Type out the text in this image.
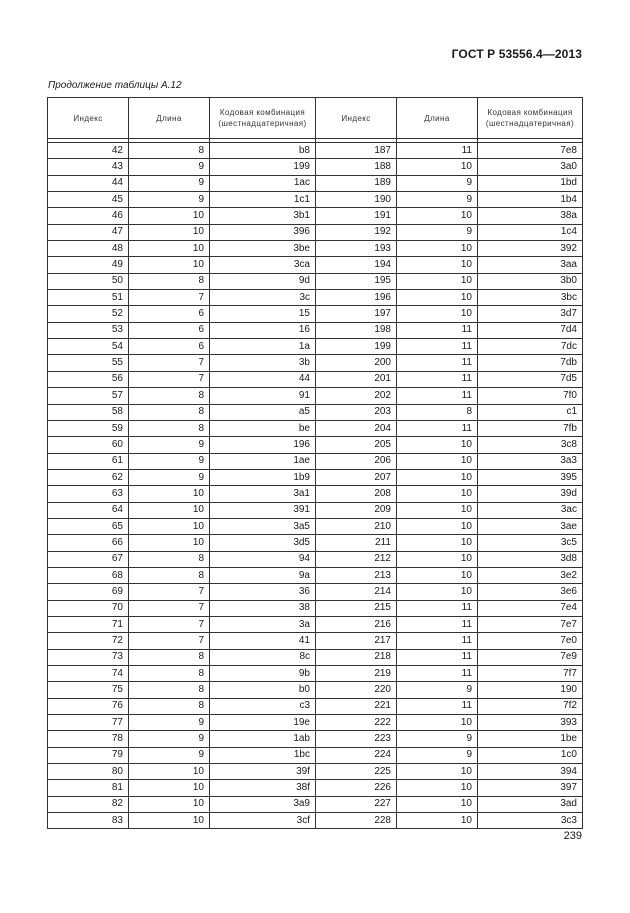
ГОСТ Р 53556.4—2013
Продолжение таблицы А.12
Индекс	Длина	Кодовая комбинация (шестнадцатеричная)	Индекс	Длина	Кодовая комбинация (шестнадцатеричная)

42	8	b8	187	11	7e8
43	9	199	188	10	3a0
44	9	1ac	189	9	1bd
45	9	1c1	190	9	1b4
46	10	3b1	191	10	38a
47	10	396	192	9	1c4
48	10	3be	193	10	392
49	10	3ca	194	10	3aa
50	8	9d	195	10	3b0
51	7	3c	196	10	3bc
52	6	15	197	10	3d7
53	6	16	198	11	7d4
54	6	1a	199	11	7dc
55	7	3b	200	11	7db
56	7	44	201	11	7d5
57	8	91	202	11	7f0
58	8	a5	203	8	c1
59	8	be	204	11	7fb
60	9	196	205	10	3c8
61	9	1ae	206	10	3a3
62	9	1b9	207	10	395
63	10	3a1	208	10	39d
64	10	391	209	10	3ac
65	10	3a5	210	10	3ae
66	10	3d5	211	10	3c5
67	8	94	212	10	3d8
68	8	9a	213	10	3e2
69	7	36	214	10	3e6
70	7	38	215	11	7e4
71	7	3a	216	11	7e7
72	7	41	217	11	7e0
73	8	8c	218	11	7e9
74	8	9b	219	11	7f7
75	8	b0	220	9	190
76	8	c3	221	11	7f2
77	9	19e	222	10	393
78	9	1ab	223	9	1be
79	9	1bc	224	9	1c0
80	10	39f	225	10	394
81	10	38f	226	10	397
82	10	3a9	227	10	3ad
83	10	3cf	228	10	3c3
239
